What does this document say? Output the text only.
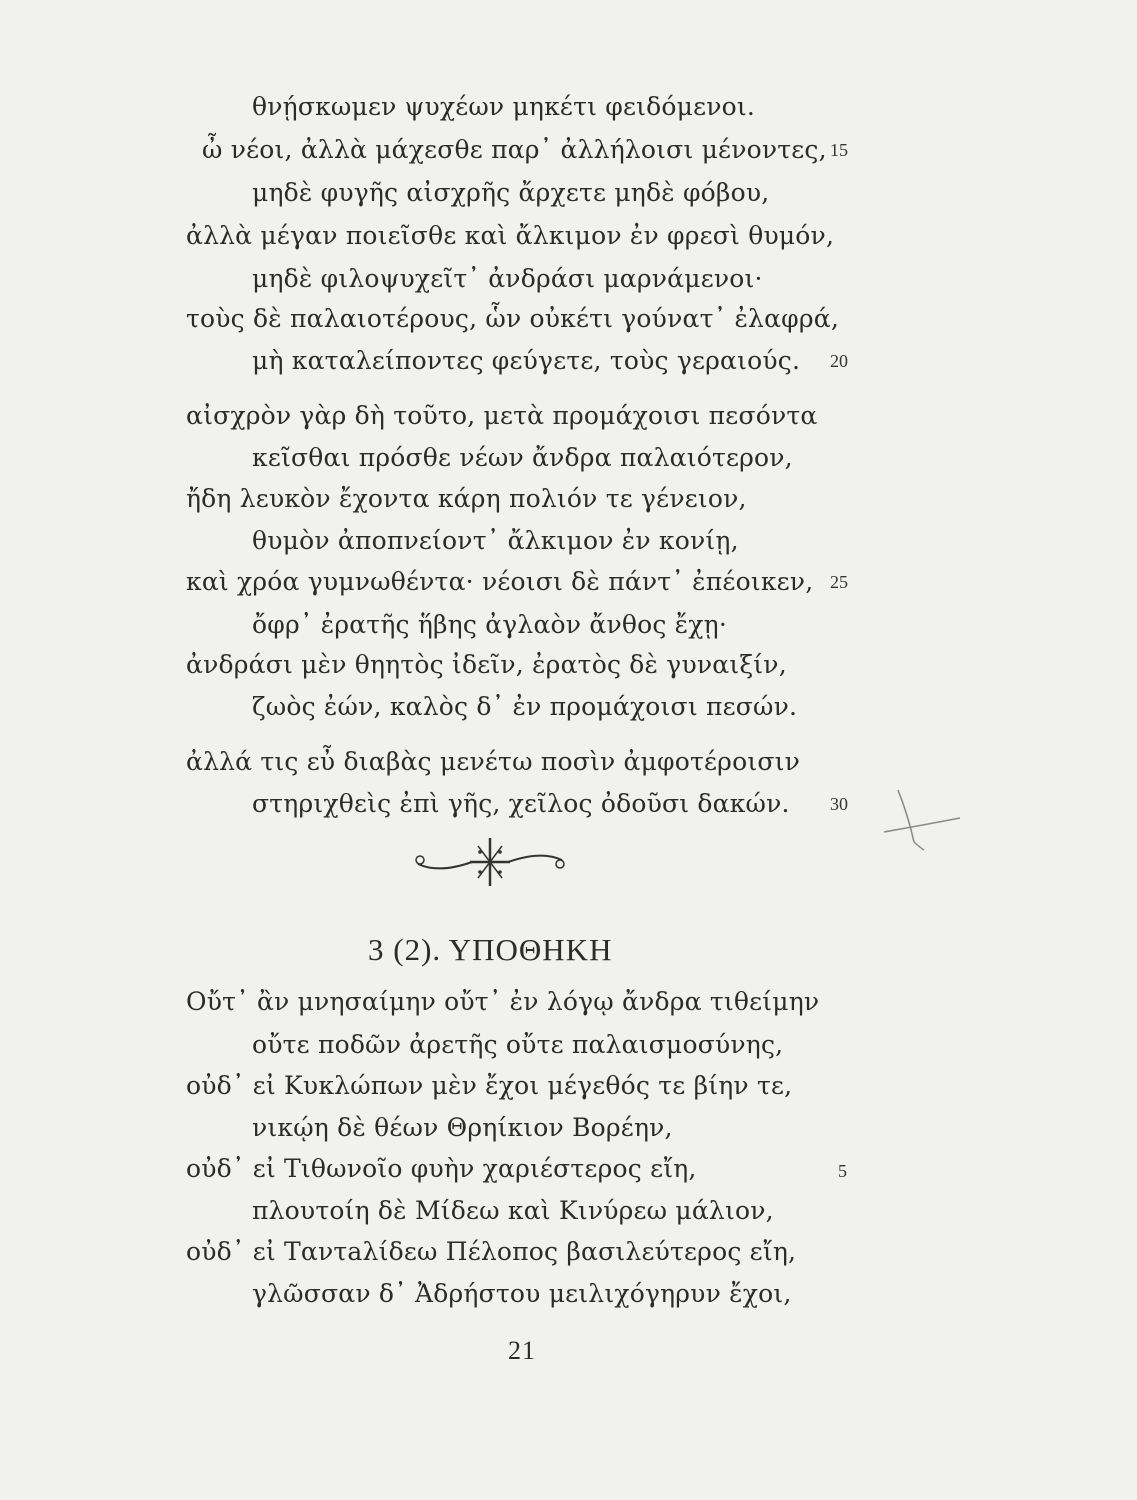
θνῄσκωμεν ψυχέων μηκέτι φειδόμενοι.
ὦ νέοι, ἀλλὰ μάχεσθε παρ᾽ ἀλλήλοισι μένοντες, 15
μηδὲ φυγῆς αἰσχρῆς ἄρχετε μηδὲ φόβου,
ἀλλὰ μέγαν ποιεῖσθε καὶ ἄλκιμον ἐν φρεσὶ θυμόν,
μηδὲ φιλοψυχεῖτ᾽ ἀνδράσι μαρνάμενοι·
τοὺς δὲ παλαιοτέρους, ὧν οὐκέτι γούνατ᾽ ἐλαφρά,
μὴ καταλείποντες φεύγετε, τοὺς γεραιούς. 20
αἰσχρὸν γὰρ δὴ τοῦτο, μετὰ προμάχοισι πεσόντα
κεῖσθαι πρόσθε νέων ἄνδρα παλαιότερον,
ἤδη λευκὸν ἔχοντα κάρη πολιόν τε γένειον,
θυμὸν ἀποπνείοντ᾽ ἄλκιμον ἐν κονίῃ,
καὶ χρόα γυμνωθέντα· νέοισι δὲ πάντ᾽ ἐπέοικεν, 25
ὄφρ᾽ ἐρατῆς ἥβης ἀγλαὸν ἄνθος ἔχῃ·
ἀνδράσι μὲν θηητὸς ἰδεῖν, ἐρατὸς δὲ γυναιξίν,
ζωὸς ἐών, καλὸς δ᾽ ἐν προμάχοισι πεσών.
ἀλλά τις εὖ διαβὰς μενέτω ποσὶν ἀμφοτέροισιν
στηριχθεὶς ἐπὶ γῆς, χεῖλος ὀδοῦσι δακών. 30
3 (2). ΥΠΟΘΗΚΗ
Οὔτ᾽ ἂν μνησαίμην οὔτ᾽ ἐν λόγῳ ἄνδρα τιθείμην
οὔτε ποδῶν ἀρετῆς οὔτε παλαισμοσύνης,
οὐδ᾽ εἰ Κυκλώπων μὲν ἔχοι μέγεθός τε βίην τε,
νικῴη δὲ θέων Θρηίκιον Βορέην,
οὐδ᾽ εἰ Τιθωνοῖο φυὴν χαριέστερος εἴη,	5
πλουτοίη δὲ Μίδεω καὶ Κινύρεω μάλιον,
οὐδ᾽ εἰ Ταντaλίδεω Πέλοπος βασιλεύτερος εἴη,
γλῶσσαν δ᾽ Ἀδρήστου μειλιχόγηρυν ἔχοι,
21
